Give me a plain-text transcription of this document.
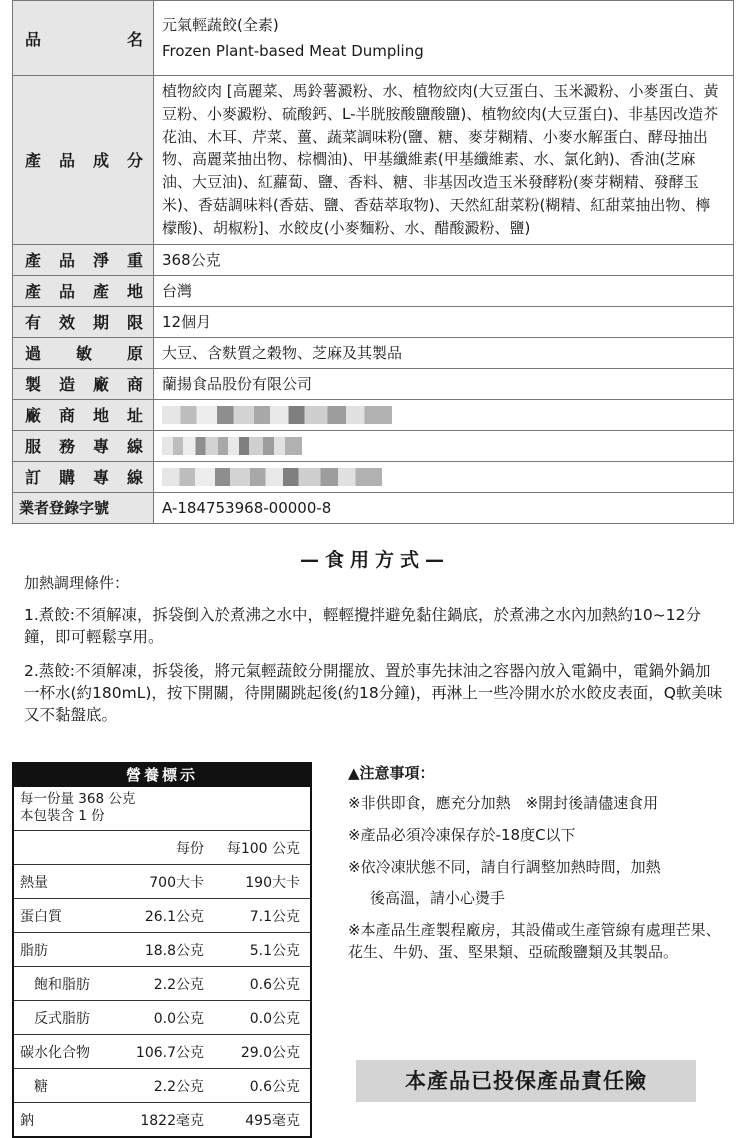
品　　名	元氣輕蔬餃(全素)
Frozen Plant-based Meat Dumpling

產品成分	植物絞肉 [高麗菜、馬鈴薯澱粉、水、植物絞肉(大豆蛋白、玉米澱粉、小麥蛋白、黃豆粉、小麥澱粉、硫酸鈣、L-半胱胺酸鹽酸鹽)、植物絞肉(大豆蛋白)、非基因改造芥花油、木耳、芹菜、薑、蔬菜調味粉(鹽、糖、麥芽糊精、小麥水解蛋白、酵母抽出物、高麗菜抽出物、棕櫚油)、甲基纖維素(甲基纖維素、水、氯化鈉)、香油(芝麻油、大豆油)、紅蘿蔔、鹽、香料、糖、非基因改造玉米發酵粉(麥芽糊精、發酵玉米)、香菇調味料(香菇、鹽、香菇萃取物)、天然紅甜菜粉(糊精、紅甜菜抽出物、檸檬酸)、胡椒粉]、水餃皮(小麥麵粉、水、醋酸澱粉、鹽)
產品淨重	368公克
產品產地	台灣
有效期限	12個月
過敏原	大豆、含麩質之穀物、芝麻及其製品
製造廠商	蘭揚食品股份有限公司
廠商地址	
服務專線	
訂購專線	
業者登錄字號	A-184753968-00000-8
—食用方式—
加熱調理條件：
1.煮餃:不須解凍，拆袋倒入於煮沸之水中，輕輕攪拌避免黏住鍋底，於煮沸之水內加熱約10~12分鐘，即可輕鬆享用。
2.蒸餃:不須解凍，拆袋後，將元氣輕蔬餃分開擺放、置於事先抹油之容器內放入電鍋中，電鍋外鍋加一杯水(約180mL)，按下開關，待開關跳起後(約18分鐘)，再淋上一些冷開水於水餃皮表面，Q軟美味又不黏盤底。
營養標示
每一份量 368 公克
本包裝含 1 份
每份	每100 公克
熱量	700大卡	190大卡
蛋白質	26.1公克	7.1公克
脂肪	18.8公克	5.1公克
飽和脂肪	2.2公克	0.6公克
反式脂肪	0.0公克	0.0公克
碳水化合物	106.7公克	29.0公克
糖	2.2公克	0.6公克
鈉	1822毫克	495毫克
▲注意事項：
※非供即食，應充分加熱　※開封後請儘速食用
※產品必須冷凍保存於-18度C以下
※依冷凍狀態不同，請自行調整加熱時間，加熱
後高溫，請小心燙手
※本產品生產製程廠房，其設備或生產管線有處理芒果、花生、牛奶、蛋、堅果類、亞硫酸鹽類及其製品。
本產品已投保產品責任險
